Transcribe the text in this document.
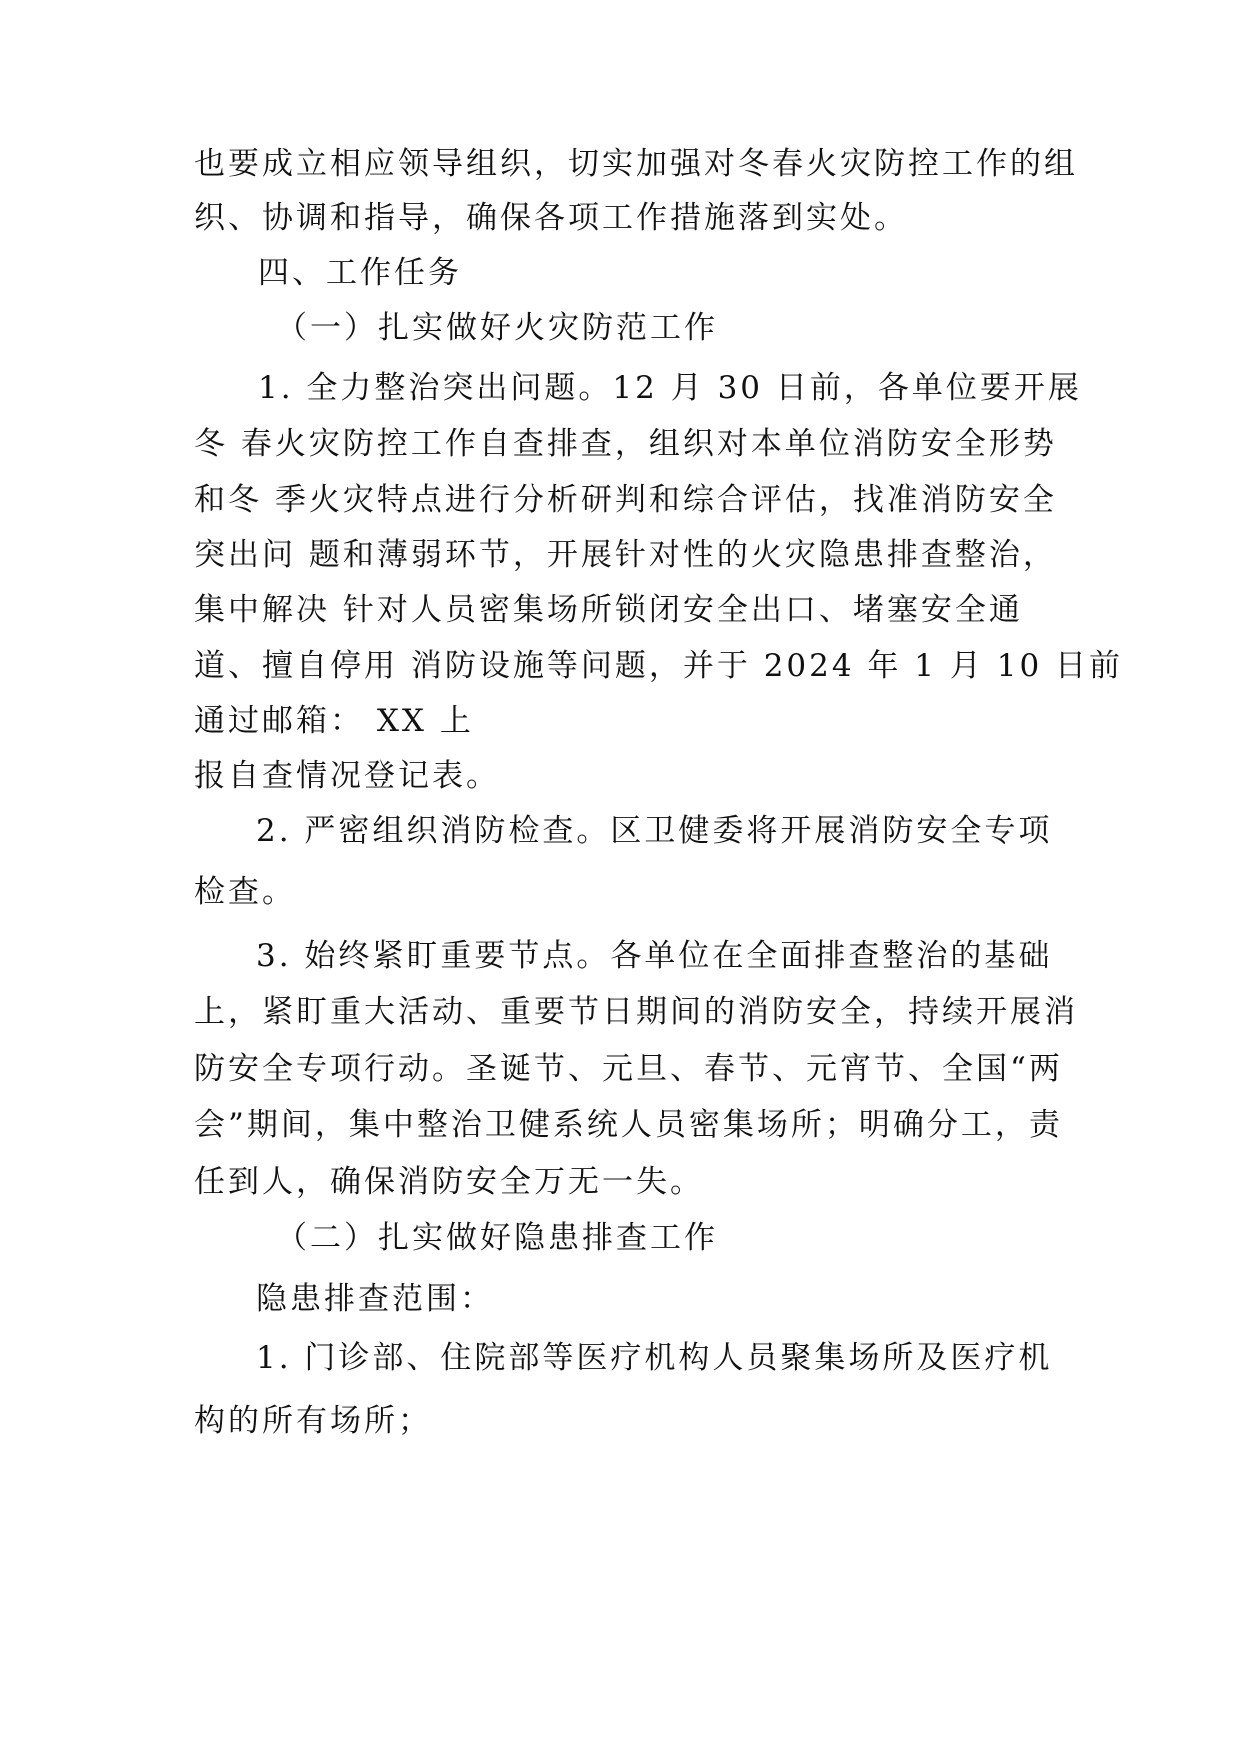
也要成立相应领导组织，切实加强对冬春火灾防控工作的组
织、协调和指导，确保各项工作措施落到实处。
四、工作任务
（一）扎实做好火灾防范工作
1. 全力整治突出问题。12 月 30 日前，各单位要开展
冬 春火灾防控工作自查排查，组织对本单位消防安全形势
和冬 季火灾特点进行分析研判和综合评估，找准消防安全
突出问 题和薄弱环节，开展针对性的火灾隐患排查整治，
集中解决 针对人员密集场所锁闭安全出口、堵塞安全通
道、擅自停用 消防设施等问题，并于 2024 年 1 月 10 日前
通过邮箱： XX 上
报自查情况登记表。
2. 严密组织消防检查。区卫健委将开展消防安全专项
检查。
3. 始终紧盯重要节点。各单位在全面排查整治的基础
上，紧盯重大活动、重要节日期间的消防安全，持续开展消
防安全专项行动。圣诞节、元旦、春节、元宵节、全国“两
会”期间，集中整治卫健系统人员密集场所；明确分工，责
任到人，确保消防安全万无一失。
（二）扎实做好隐患排查工作
隐患排查范围：
1. 门诊部、住院部等医疗机构人员聚集场所及医疗机
构的所有场所；
